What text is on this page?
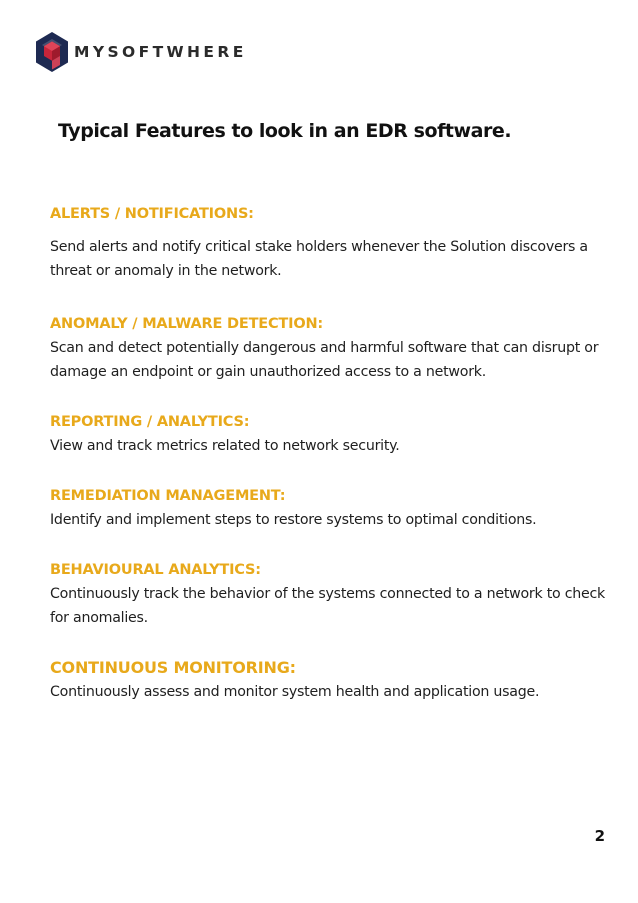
MYSOFTWHERE
Typical Features to look in an EDR software.

ALERTS / NOTIFICATIONS:

Send alerts and notify critical stake holders whenever the Solution discovers a threat or anomaly in the network.

ANOMALY / MALWARE DETECTION:

Scan and detect potentially dangerous and harmful software that can disrupt or damage an endpoint or gain unauthorized access to a network.

REPORTING / ANALYTICS:

View and track metrics related to network security.

REMEDIATION MANAGEMENT:

Identify and implement steps to restore systems to optimal conditions.

BEHAVIOURAL ANALYTICS:

Continuously track the behavior of the systems connected to a network to check for anomalies.

CONTINUOUS MONITORING:

Continuously assess and monitor system health and application usage.

2
